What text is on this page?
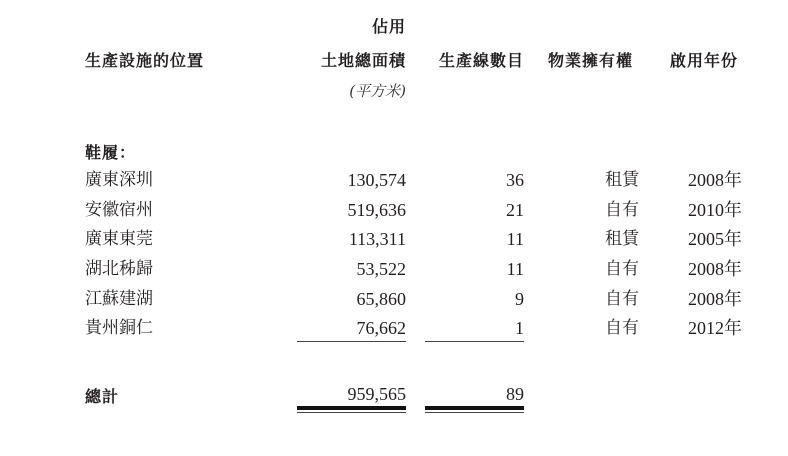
佔用
生產設施的位置	土地總面積	生產線數目 物業擁有權 啟用年份
(平方米)
鞋履：
廣東深圳	130,574	36	租賃	2008年
安徽宿州	519,636	21	自有	2010年
廣東東莞	113,311	11	租賃	2005年
湖北秭歸	53,522	11	自有	2008年
江蘇建湖	65,860	9	自有	2008年
貴州銅仁	76,662	1	自有	2012年
總計	959,565	89
